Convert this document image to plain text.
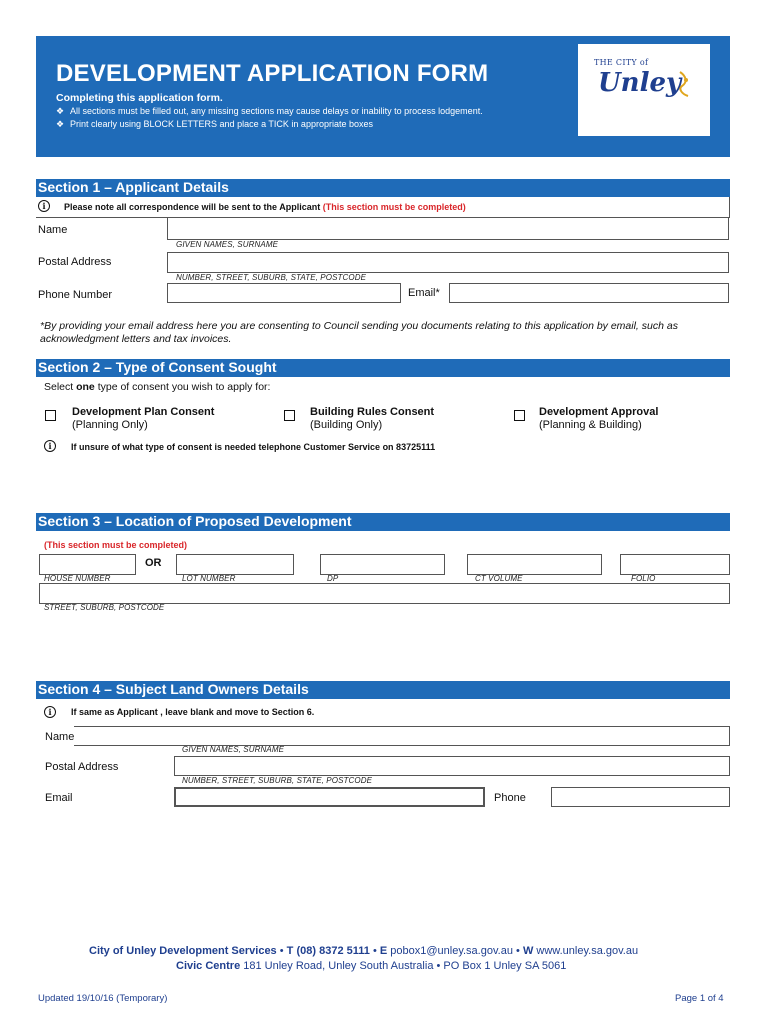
DEVELOPMENT APPLICATION FORM
Completing this application form.
❖ All sections must be filled out, any missing sections may cause delays or inability to process lodgement.
❖ Print clearly using BLOCK LETTERS and place a TICK in appropriate boxes
THE CITY of
Unley
Section 1 – Applicant Details
i	Please note all correspondence will be sent to the Applicant (This section must be completed)
Name
GIVEN NAMES, SURNAME
Postal Address
NUMBER, STREET, SUBURB, STATE, POSTCODE
Phone Number	Email*
*By providing your email address here you are consenting to Council sending you documents relating to this application by email, such as acknowledgment letters and tax invoices.
Section 2 – Type of Consent Sought
Select one type of consent you wish to apply for:
Development Plan Consent
(Planning Only)
Building Rules Consent
(Building Only)
Development Approval
(Planning & Building)
i	If unsure of what type of consent is needed telephone Customer Service on 83725111
Section 3 – Location of Proposed Development
(This section must be completed)
OR
HOUSE NUMBER	LOT NUMBER	DP	CT VOLUME	FOLIO
STREET, SUBURB, POSTCODE
Section 4 – Subject Land Owners Details
i	If same as Applicant , leave blank and move to Section 6.
Name
GIVEN NAMES, SURNAME
Postal Address
NUMBER, STREET, SUBURB, STATE, POSTCODE
Email	Phone
City of Unley Development Services • T (08) 8372 5111 • E pobox1@unley.sa.gov.au • W www.unley.sa.gov.au
Civic Centre 181 Unley Road, Unley South Australia • PO Box 1 Unley SA 5061
Updated 19/10/16 (Temporary)	Page 1 of 4
